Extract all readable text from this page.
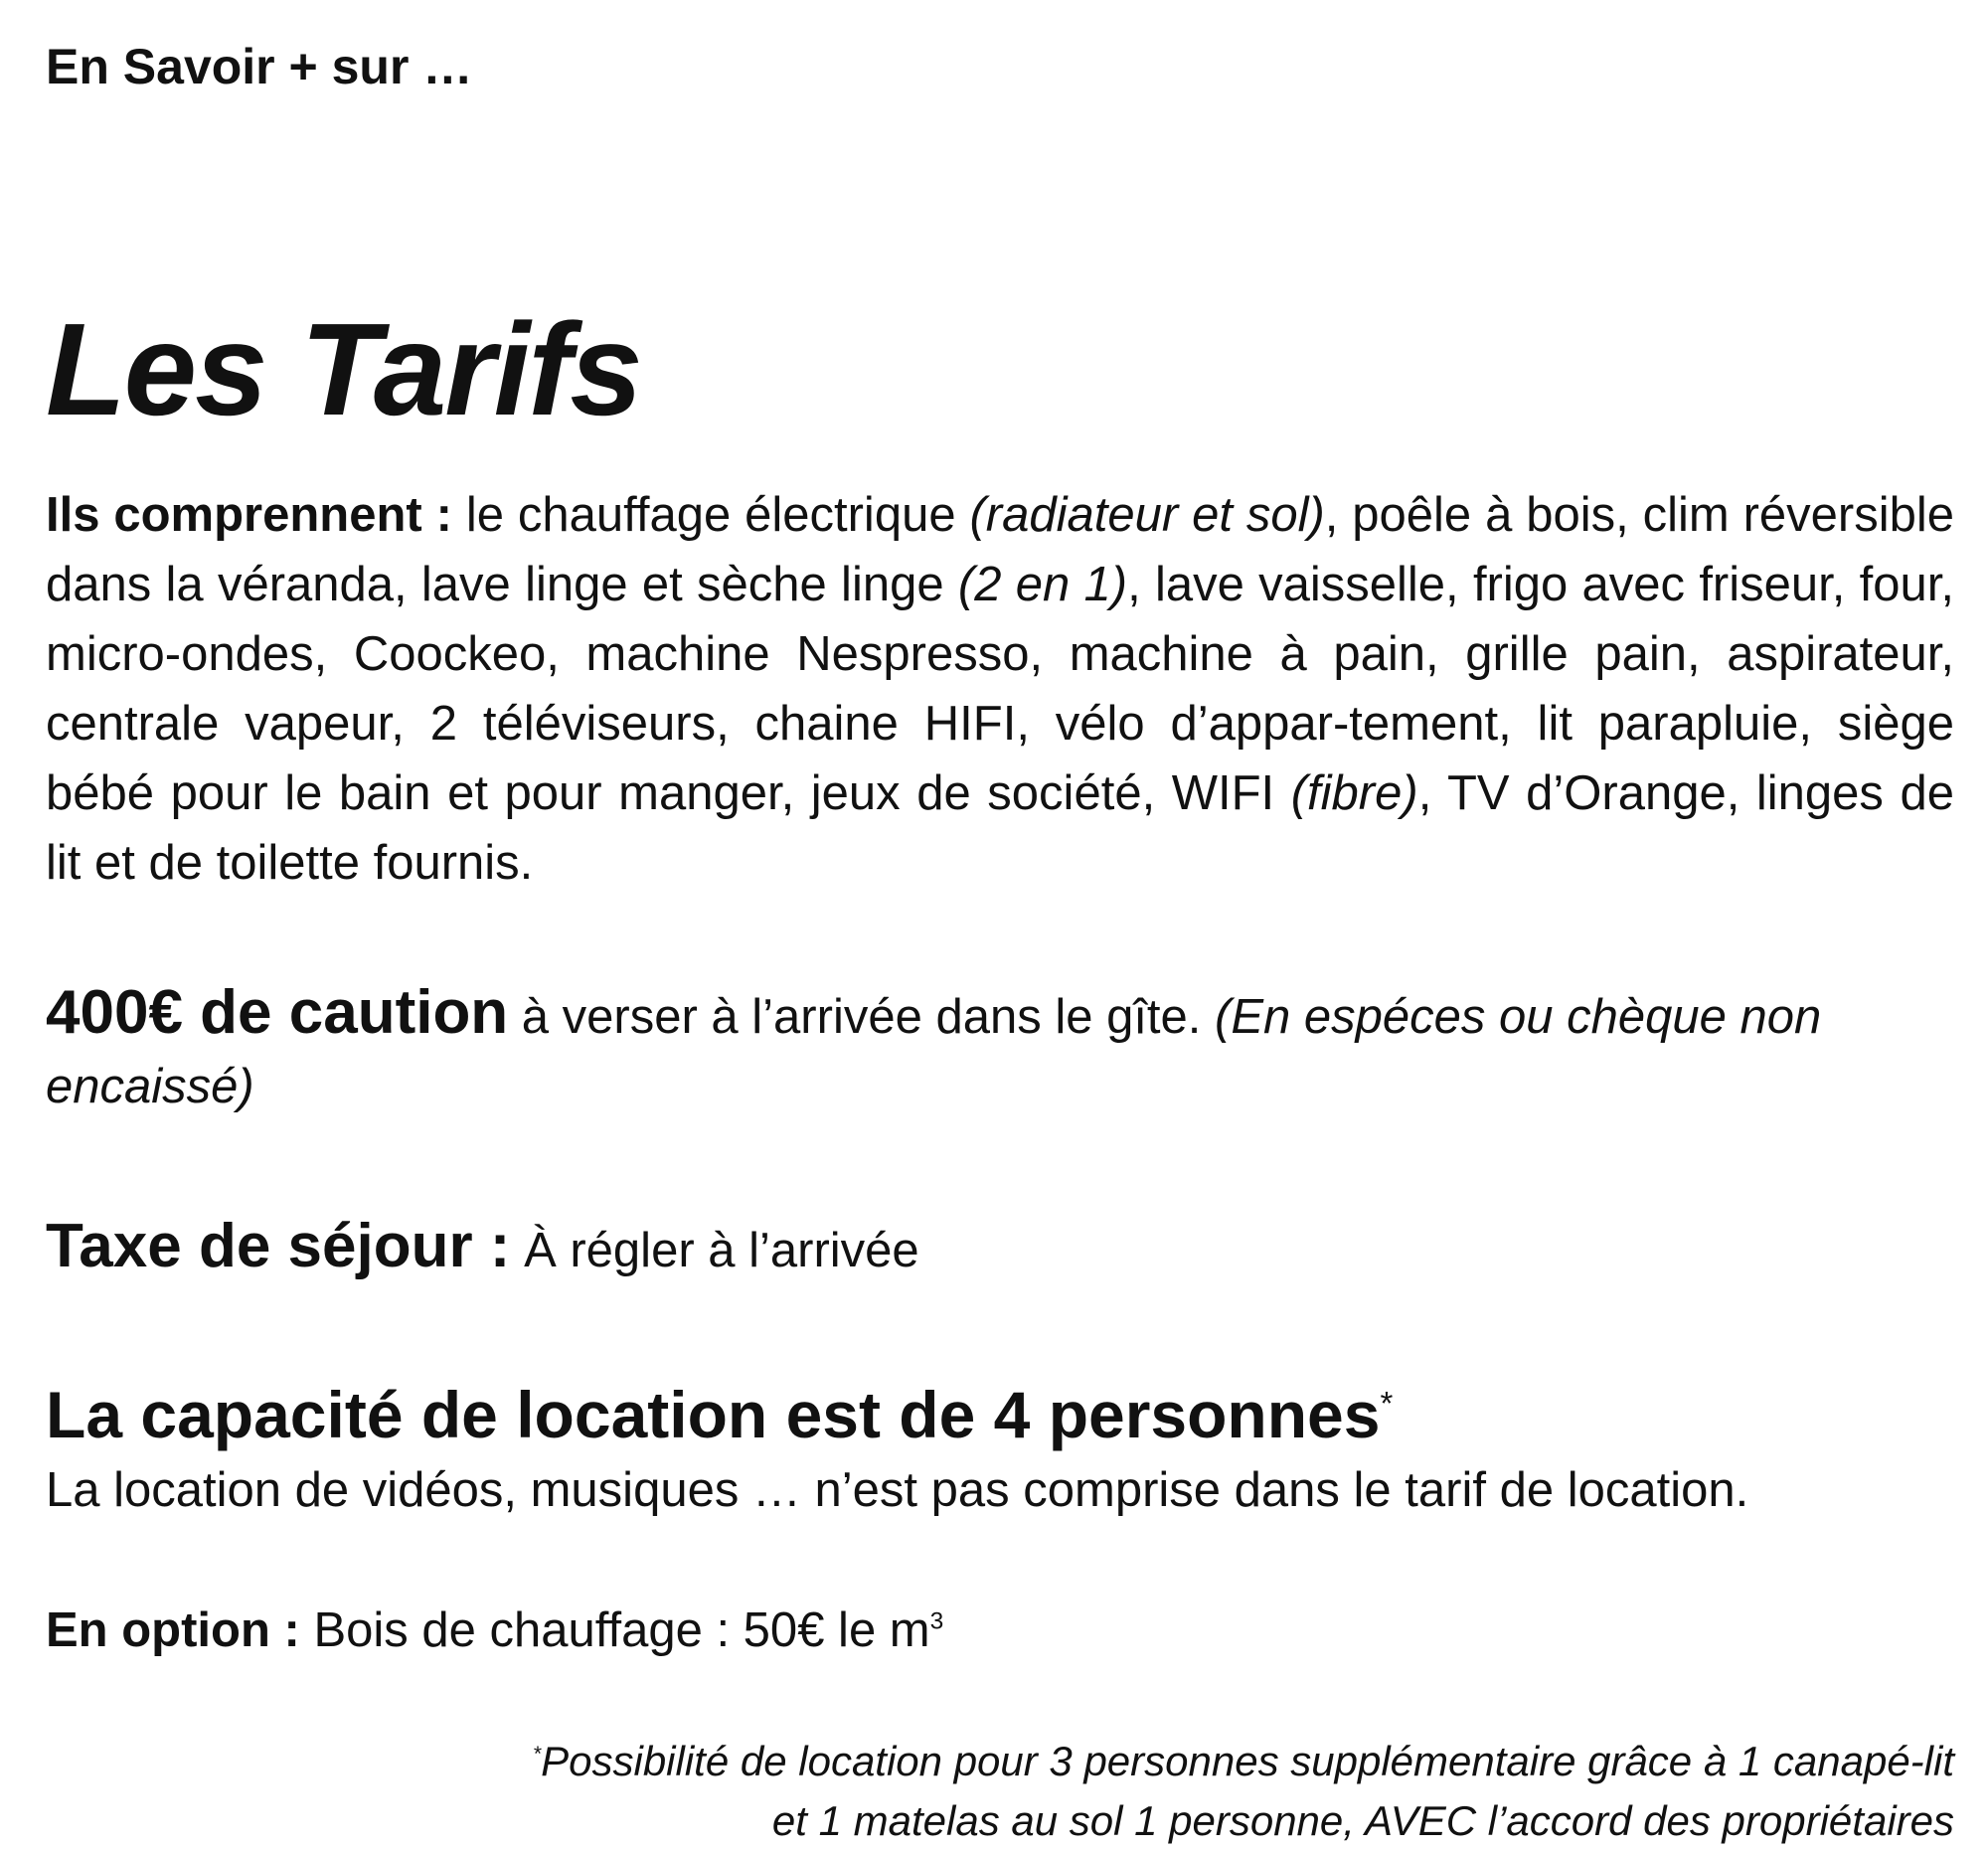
En Savoir + sur …
Les Tarifs

Ils comprennent : le chauffage électrique (radiateur et sol), poêle à bois, clim réversible dans la véranda, lave linge et sèche linge (2 en 1), lave vaisselle, frigo avec friseur, four, micro-ondes, Coockeo, machine Nespresso, machine à pain, grille pain, aspirateur, centrale vapeur, 2 téléviseurs, chaine HIFI, vélo d’appar-tement, lit parapluie, siège bébé pour le bain et pour manger, jeux de société, WIFI (fibre), TV d’Orange, linges de lit et de toilette fournis.

400€ de caution à verser à l’arrivée dans le gîte. (En espéces ou chèque non encaissé)

Taxe de séjour : À régler à l’arrivée

La capacité de location est de 4 personnes*

La location de vidéos, musiques … n’est pas comprise dans le tarif de location.

En option : Bois de chauffage : 50€ le $m^3$

*Possibilité de location pour 3 personnes supplémentaire grâce à 1 canapé-lit
et 1 matelas au sol 1 personne, AVEC l’accord des propriétaires
